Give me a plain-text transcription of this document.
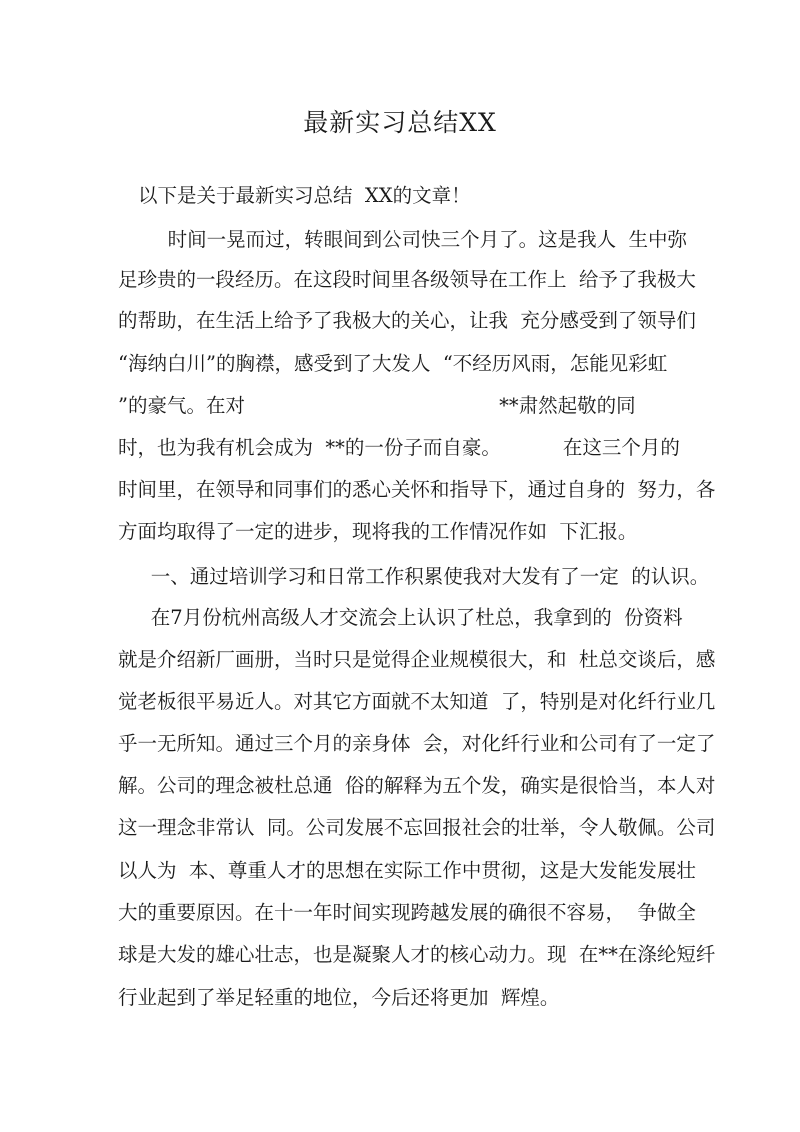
最新实习总结XX

以下是关于最新实习总结  XX的文章！

时间一晃而过，转眼间到公司快三个月了。这是我人  生中弥

足珍贵的一段经历。在这段时间里各级领导在工作上  给予了我极大

的帮助，在生活上给予了我极大的关心，让我  充分感受到了领导们

“海纳白川”的胸襟，感受到了大发人  “不经历风雨，怎能见彩虹

”的豪气。在对                                         **肃然起敬的同

时，也为我有机会成为  **的一份子而自豪。          在这三个月的

时间里，在领导和同事们的悉心关怀和指导下，通过自身的  努力，各

方面均取得了一定的进步，现将我的工作情况作如  下汇报。

一、通过培训学习和日常工作积累使我对大发有了一定  的认识。

在7月份杭州高级人才交流会上认识了杜总，我拿到的  份资料

就是介绍新厂画册，当时只是觉得企业规模很大，和  杜总交谈后，感

觉老板很平易近人。对其它方面就不太知道  了，特别是对化纤行业几

乎一无所知。通过三个月的亲身体  会，对化纤行业和公司有了一定了

解。公司的理念被杜总通  俗的解释为五个发，确实是很恰当，本人对

这一理念非常认  同。公司发展不忘回报社会的壮举，令人敬佩。公司

以人为  本、尊重人才的思想在实际工作中贯彻，这是大发能发展壮

大的重要原因。在十一年时间实现跨越发展的确很不容易，  争做全

球是大发的雄心壮志，也是凝聚人才的核心动力。现  在**在涤纶短纤

行业起到了举足轻重的地位，今后还将更加  辉煌。
